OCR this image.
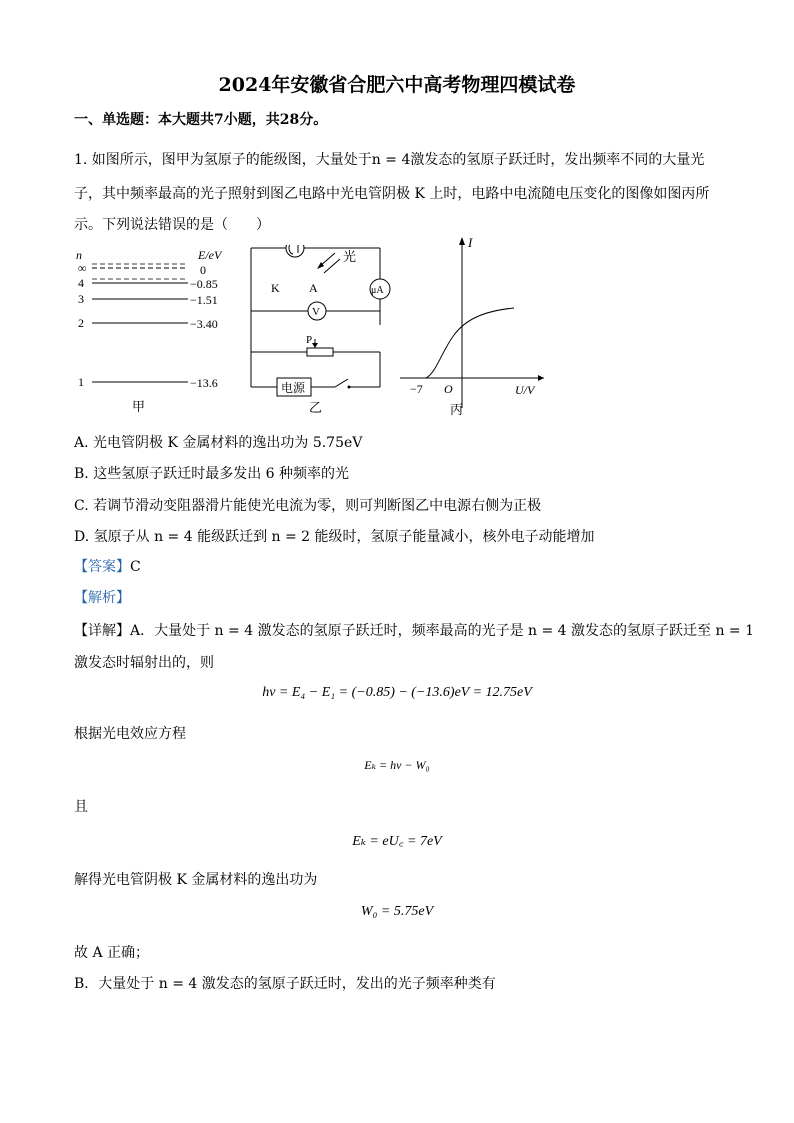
2024年安徽省合肥六中高考物理四模试卷
一、单选题：本大题共7小题，共28分。
1. 如图所示，图甲为氢原子的能级图，大量处于n = 4激发态的氢原子跃迁时，发出频率不同的大量光
子，其中频率最高的光子照射到图乙电路中光电管阴极 K 上时，电路中电流随电压变化的图像如图丙所
示。下列说法错误的是（　　）
n	E/eV
∞	0
4	−0.85
3	−1.51
2	−3.40
1	−13.6
甲
光
K A
V
μA
P
电源
乙
I
U/V
O
−7
丙
A. 光电管阴极 K 金属材料的逸出功为 5.75eV
B. 这些氢原子跃迁时最多发出 6 种频率的光
C. 若调节滑动变阻器滑片能使光电流为零，则可判断图乙中电源右侧为正极
D. 氢原子从 n = 4 能级跃迁到 n = 2 能级时，氢原子能量减小，核外电子动能增加
【答案】C
【解析】
【详解】A．大量处于 n = 4 激发态的氢原子跃迁时，频率最高的光子是 n = 4 激发态的氢原子跃迁至 n = 1
激发态时辐射出的，则
hν = E₄ − E₁ = (−0.85) − (−13.6)eV = 12.75eV
根据光电效应方程
Eₖ = hν − W₀
且
Eₖ = eU꜀ = 7eV
解得光电管阴极 K 金属材料的逸出功为
W₀ = 5.75eV
故 A 正确；
B．大量处于 n = 4 激发态的氢原子跃迁时，发出的光子频率种类有
